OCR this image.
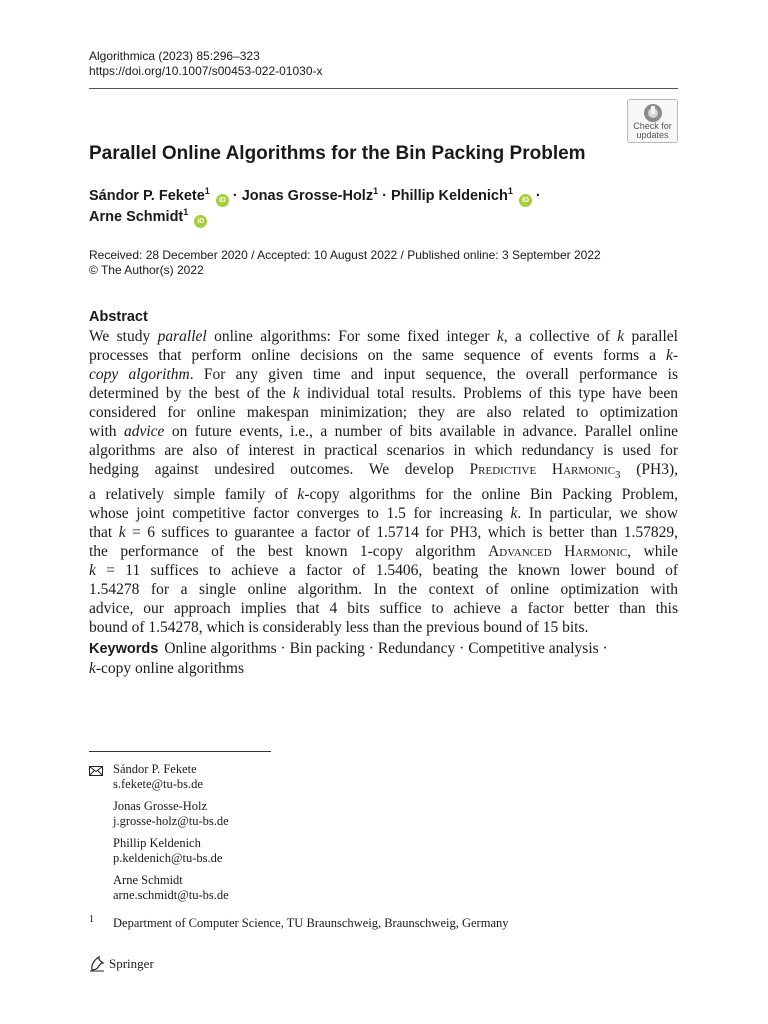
Algorithmica (2023) 85:296–323
https://doi.org/10.1007/s00453-022-01030-x
Check for
updates
Parallel Online Algorithms for the Bin Packing Problem
Sándor P. Fekete$^1$ iD · Jonas Grosse-Holz$^1$ · Phillip Keldenich$^1$ iD ·
Arne Schmidt$^1$ iD
Received: 28 December 2020 / Accepted: 10 August 2022 / Published online: 3 September 2022
© The Author(s) 2022
Abstract
We study parallel online algorithms: For some fixed integer k, a collective of k parallel
processes that perform online decisions on the same sequence of events forms a k-
copy algorithm. For any given time and input sequence, the overall performance is
determined by the best of the k individual total results. Problems of this type have been
considered for online makespan minimization; they are also related to optimization
with advice on future events, i.e., a number of bits available in advance. Parallel online
algorithms are also of interest in practical scenarios in which redundancy is used for
hedging against undesired outcomes. We develop Predictive Harmonic$_3$ (PH3),
a relatively simple family of k-copy algorithms for the online Bin Packing Problem,
whose joint competitive factor converges to 1.5 for increasing k. In particular, we show
that k = 6 suffices to guarantee a factor of 1.5714 for PH3, which is better than 1.57829,
the performance of the best known 1-copy algorithm Advanced Harmonic, while
k = 11 suffices to achieve a factor of 1.5406, beating the known lower bound of
1.54278 for a single online algorithm. In the context of online optimization with
advice, our approach implies that 4 bits suffice to achieve a factor better than this
bound of 1.54278, which is considerably less than the previous bound of 15 bits.
Keywords Online algorithms · Bin packing · Redundancy · Competitive analysis ·
k-copy online algorithms
Sándor P. Fekete
s.fekete@tu-bs.de
Jonas Grosse-Holz
j.grosse-holz@tu-bs.de
Phillip Keldenich
p.keldenich@tu-bs.de
Arne Schmidt
arne.schmidt@tu-bs.de
1 Department of Computer Science, TU Braunschweig, Braunschweig, Germany
Springer
